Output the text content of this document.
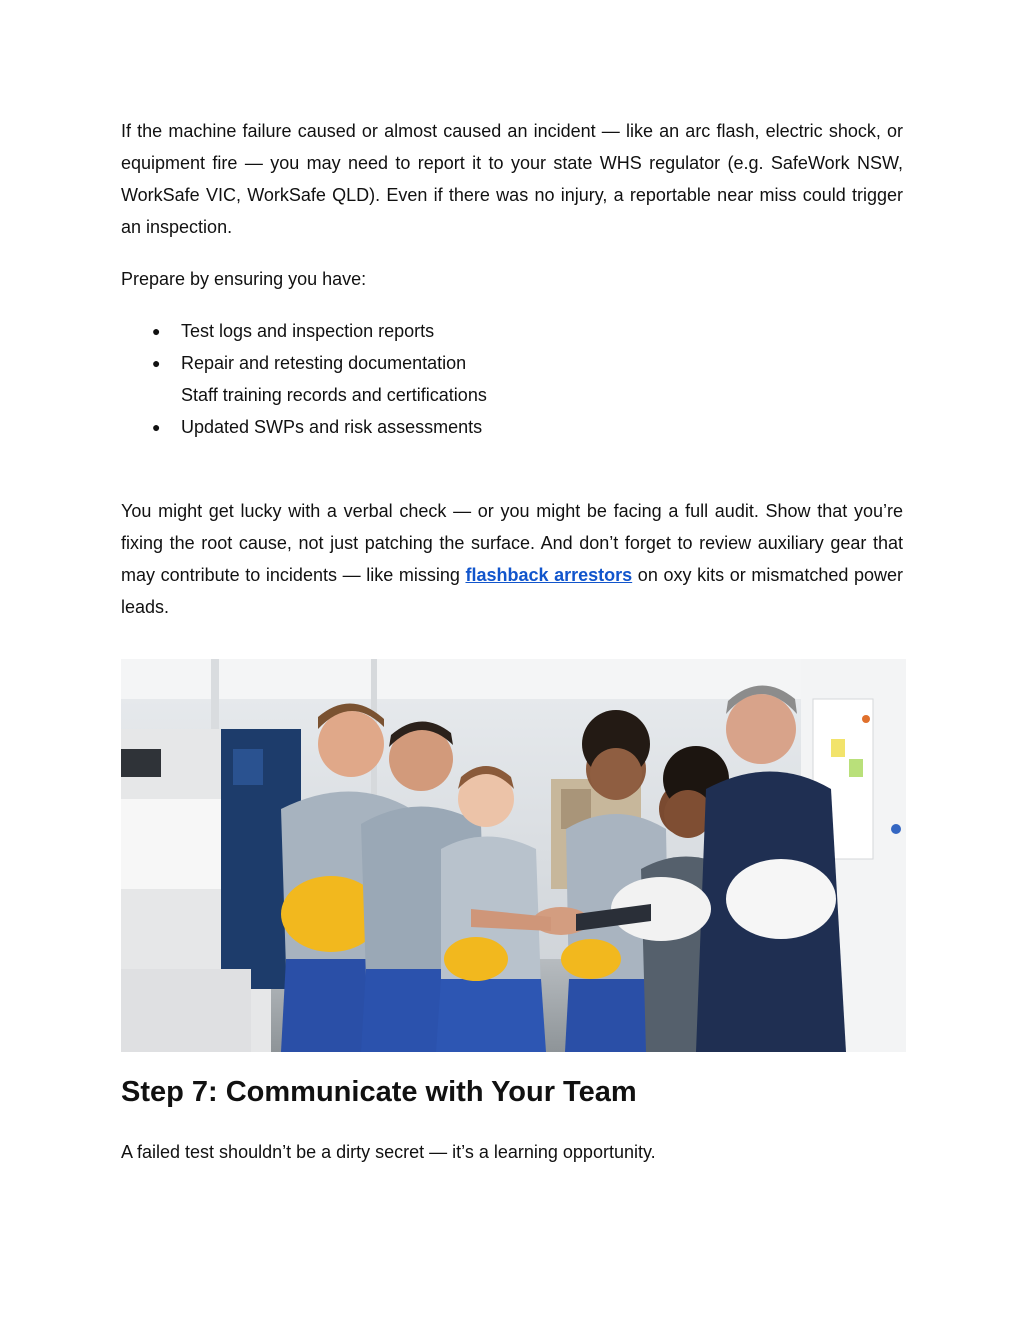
If the machine failure caused or almost caused an incident — like an arc flash, electric shock, or equipment fire — you may need to report it to your state WHS regulator (e.g. SafeWork NSW, WorkSafe VIC, WorkSafe QLD). Even if there was no injury, a reportable near miss could trigger an inspection.

Prepare by ensuring you have:

● Test logs and inspection reports
● Repair and retesting documentation
Staff training records and certifications
● Updated SWPs and risk assessments

You might get lucky with a verbal check — or you might be facing a full audit. Show that you’re fixing the root cause, not just patching the surface. And don’t forget to review auxiliary gear that may contribute to incidents — like missing flashback arrestors on oxy kits or mismatched power leads.

Step 7: Communicate with Your Team

A failed test shouldn’t be a dirty secret — it’s a learning opportunity.
